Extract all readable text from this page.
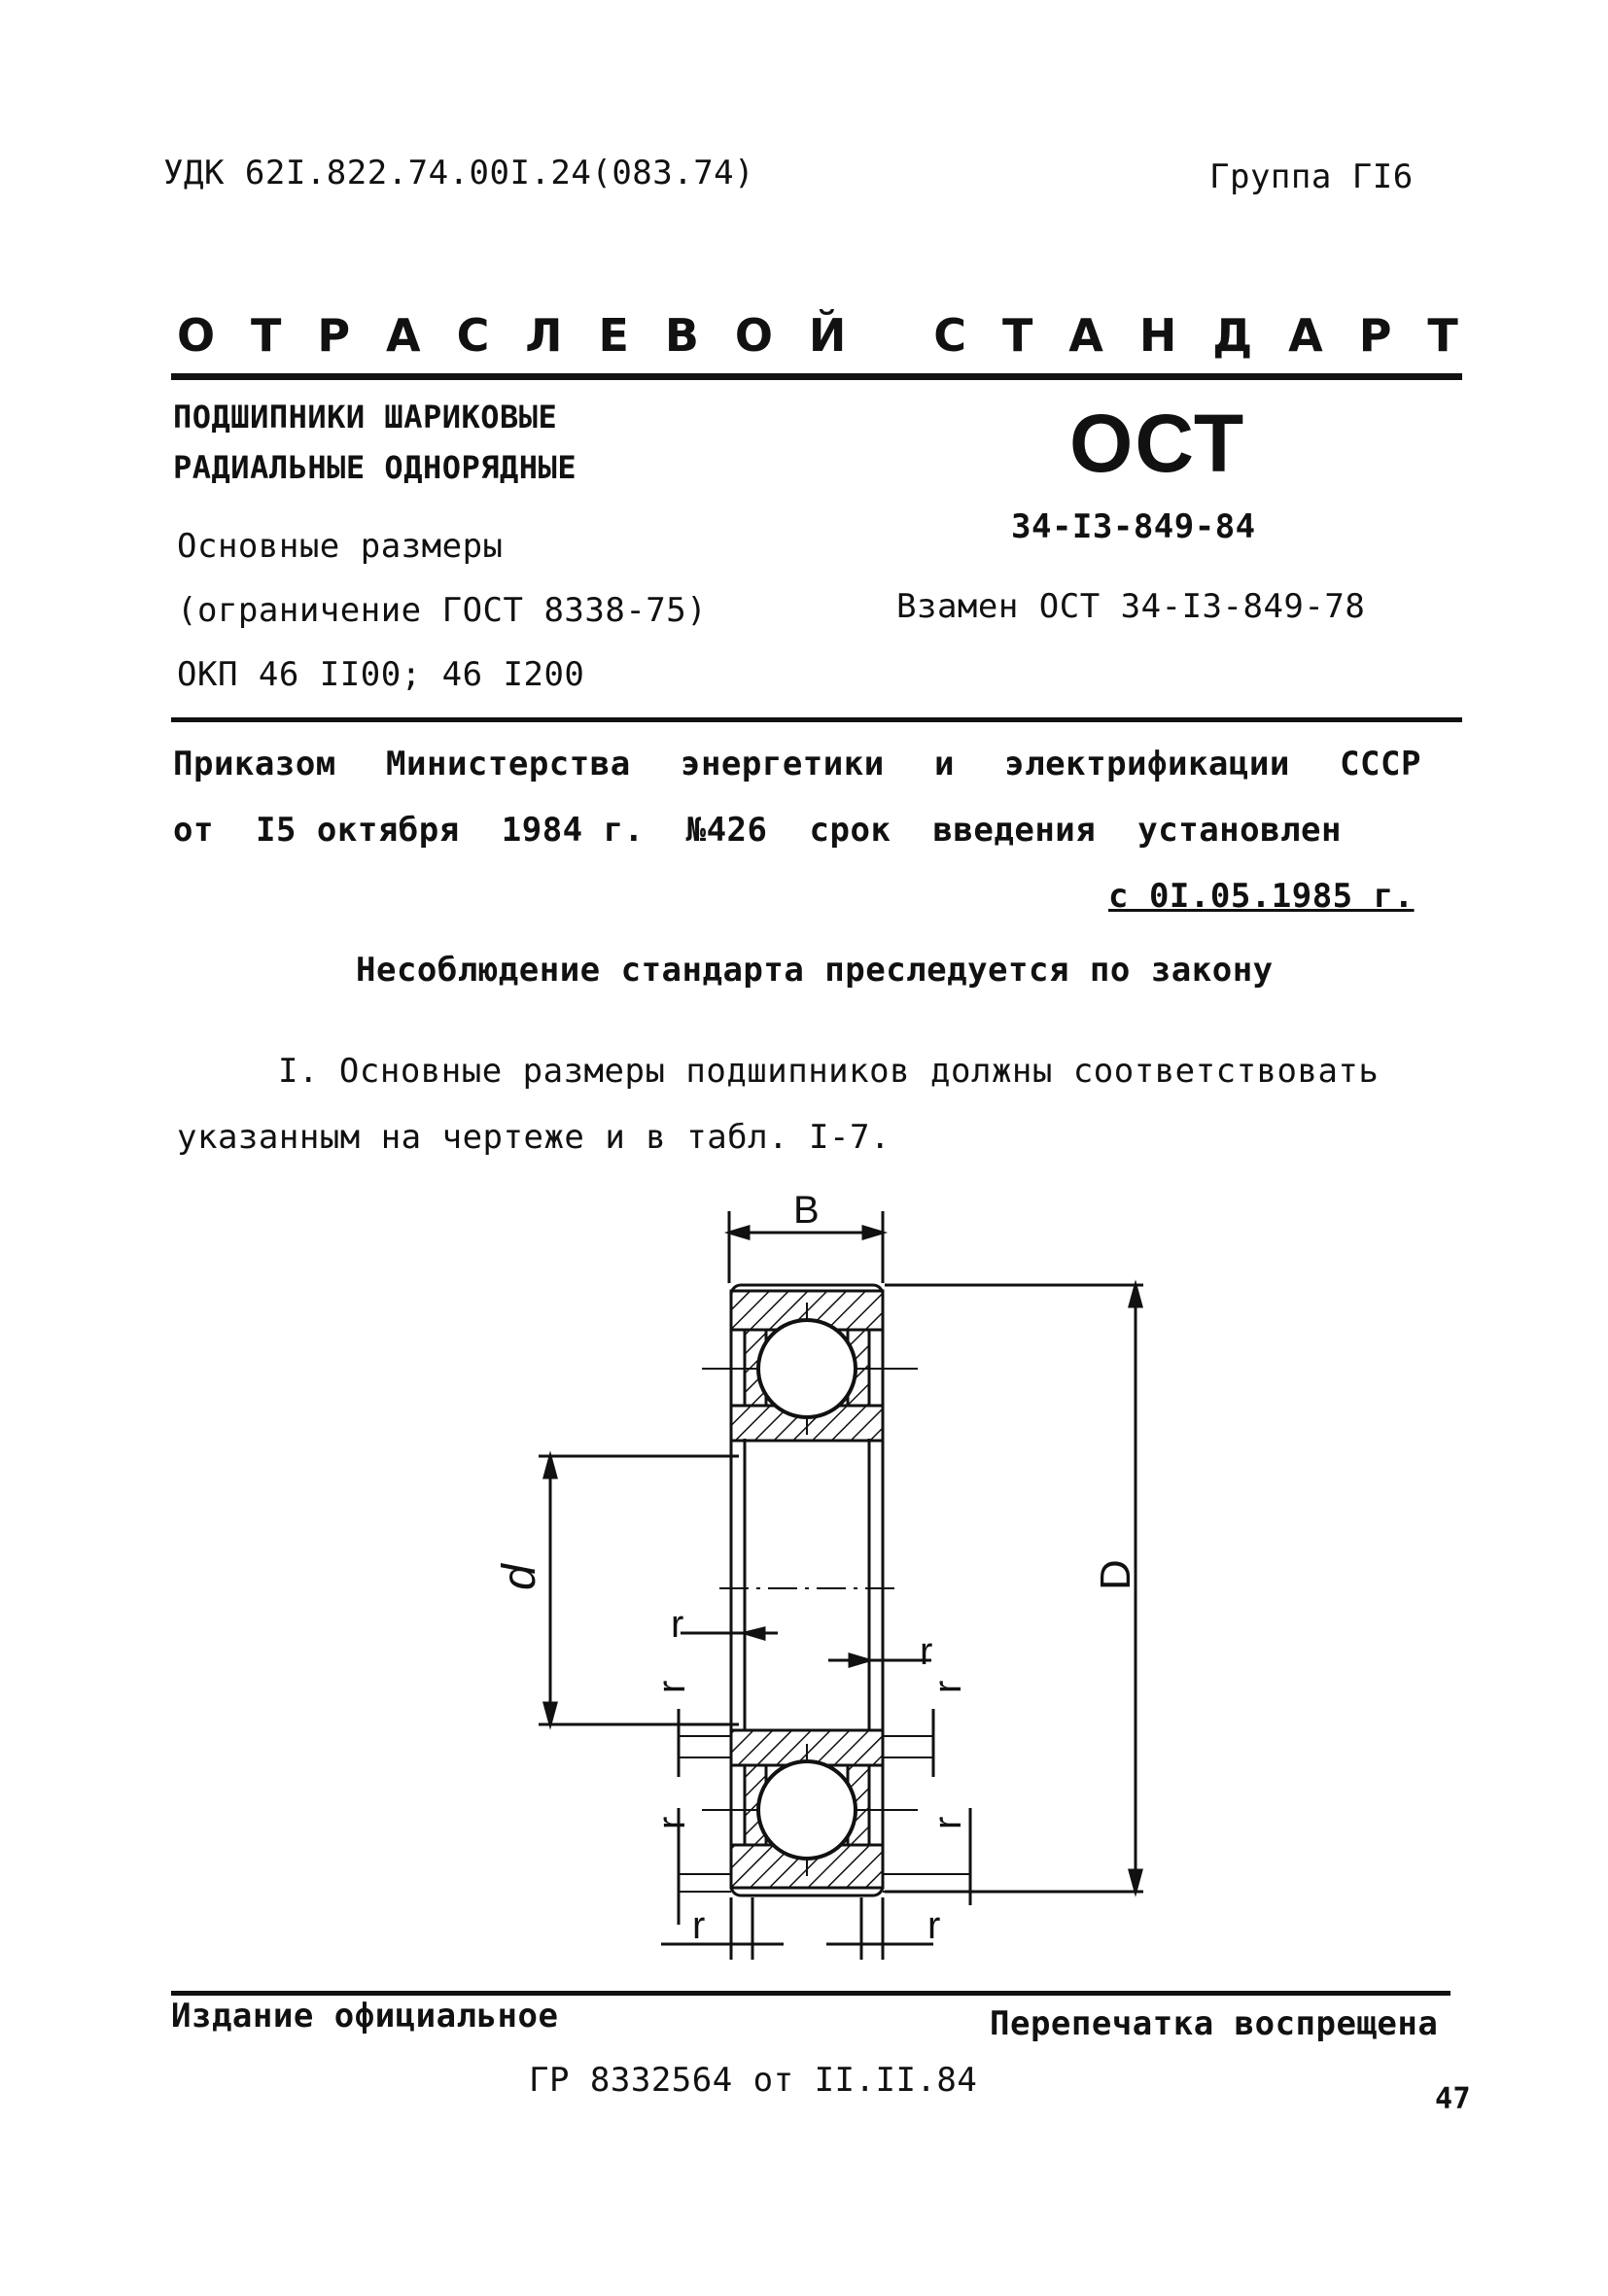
УДК 62I.822.74.00I.24(083.74)	Группа ГI6
О Т Р А С Л Е В О Й
С Т А Н Д А Р Т
ПОДШИПНИКИ ШАРИКОВЫЕ
РАДИАЛЬНЫЕ ОДНОРЯДНЫЕ
Основные размеры
(ограничение ГОСТ 8338-75)
ОКП 46 II00; 46 I200
ОСТ
34-I3-849-84
Взамен ОСТ 34-I3-849-78
Приказом Министерства энергетики и электрификации СССР
от I5 октября 1984 г. №426 срок введения установлен
с 0I.05.1985 г.
Несоблюдение стандарта преследуется по закону
I. Основные размеры подшипников должны соответствовать
указанным на чертеже и в табл. I-7.
B
d	D
r
r
r	r
r	r
r	r
Издание официальное	Перепечатка воспрещена
ГР 8332564 от II.II.84	47
